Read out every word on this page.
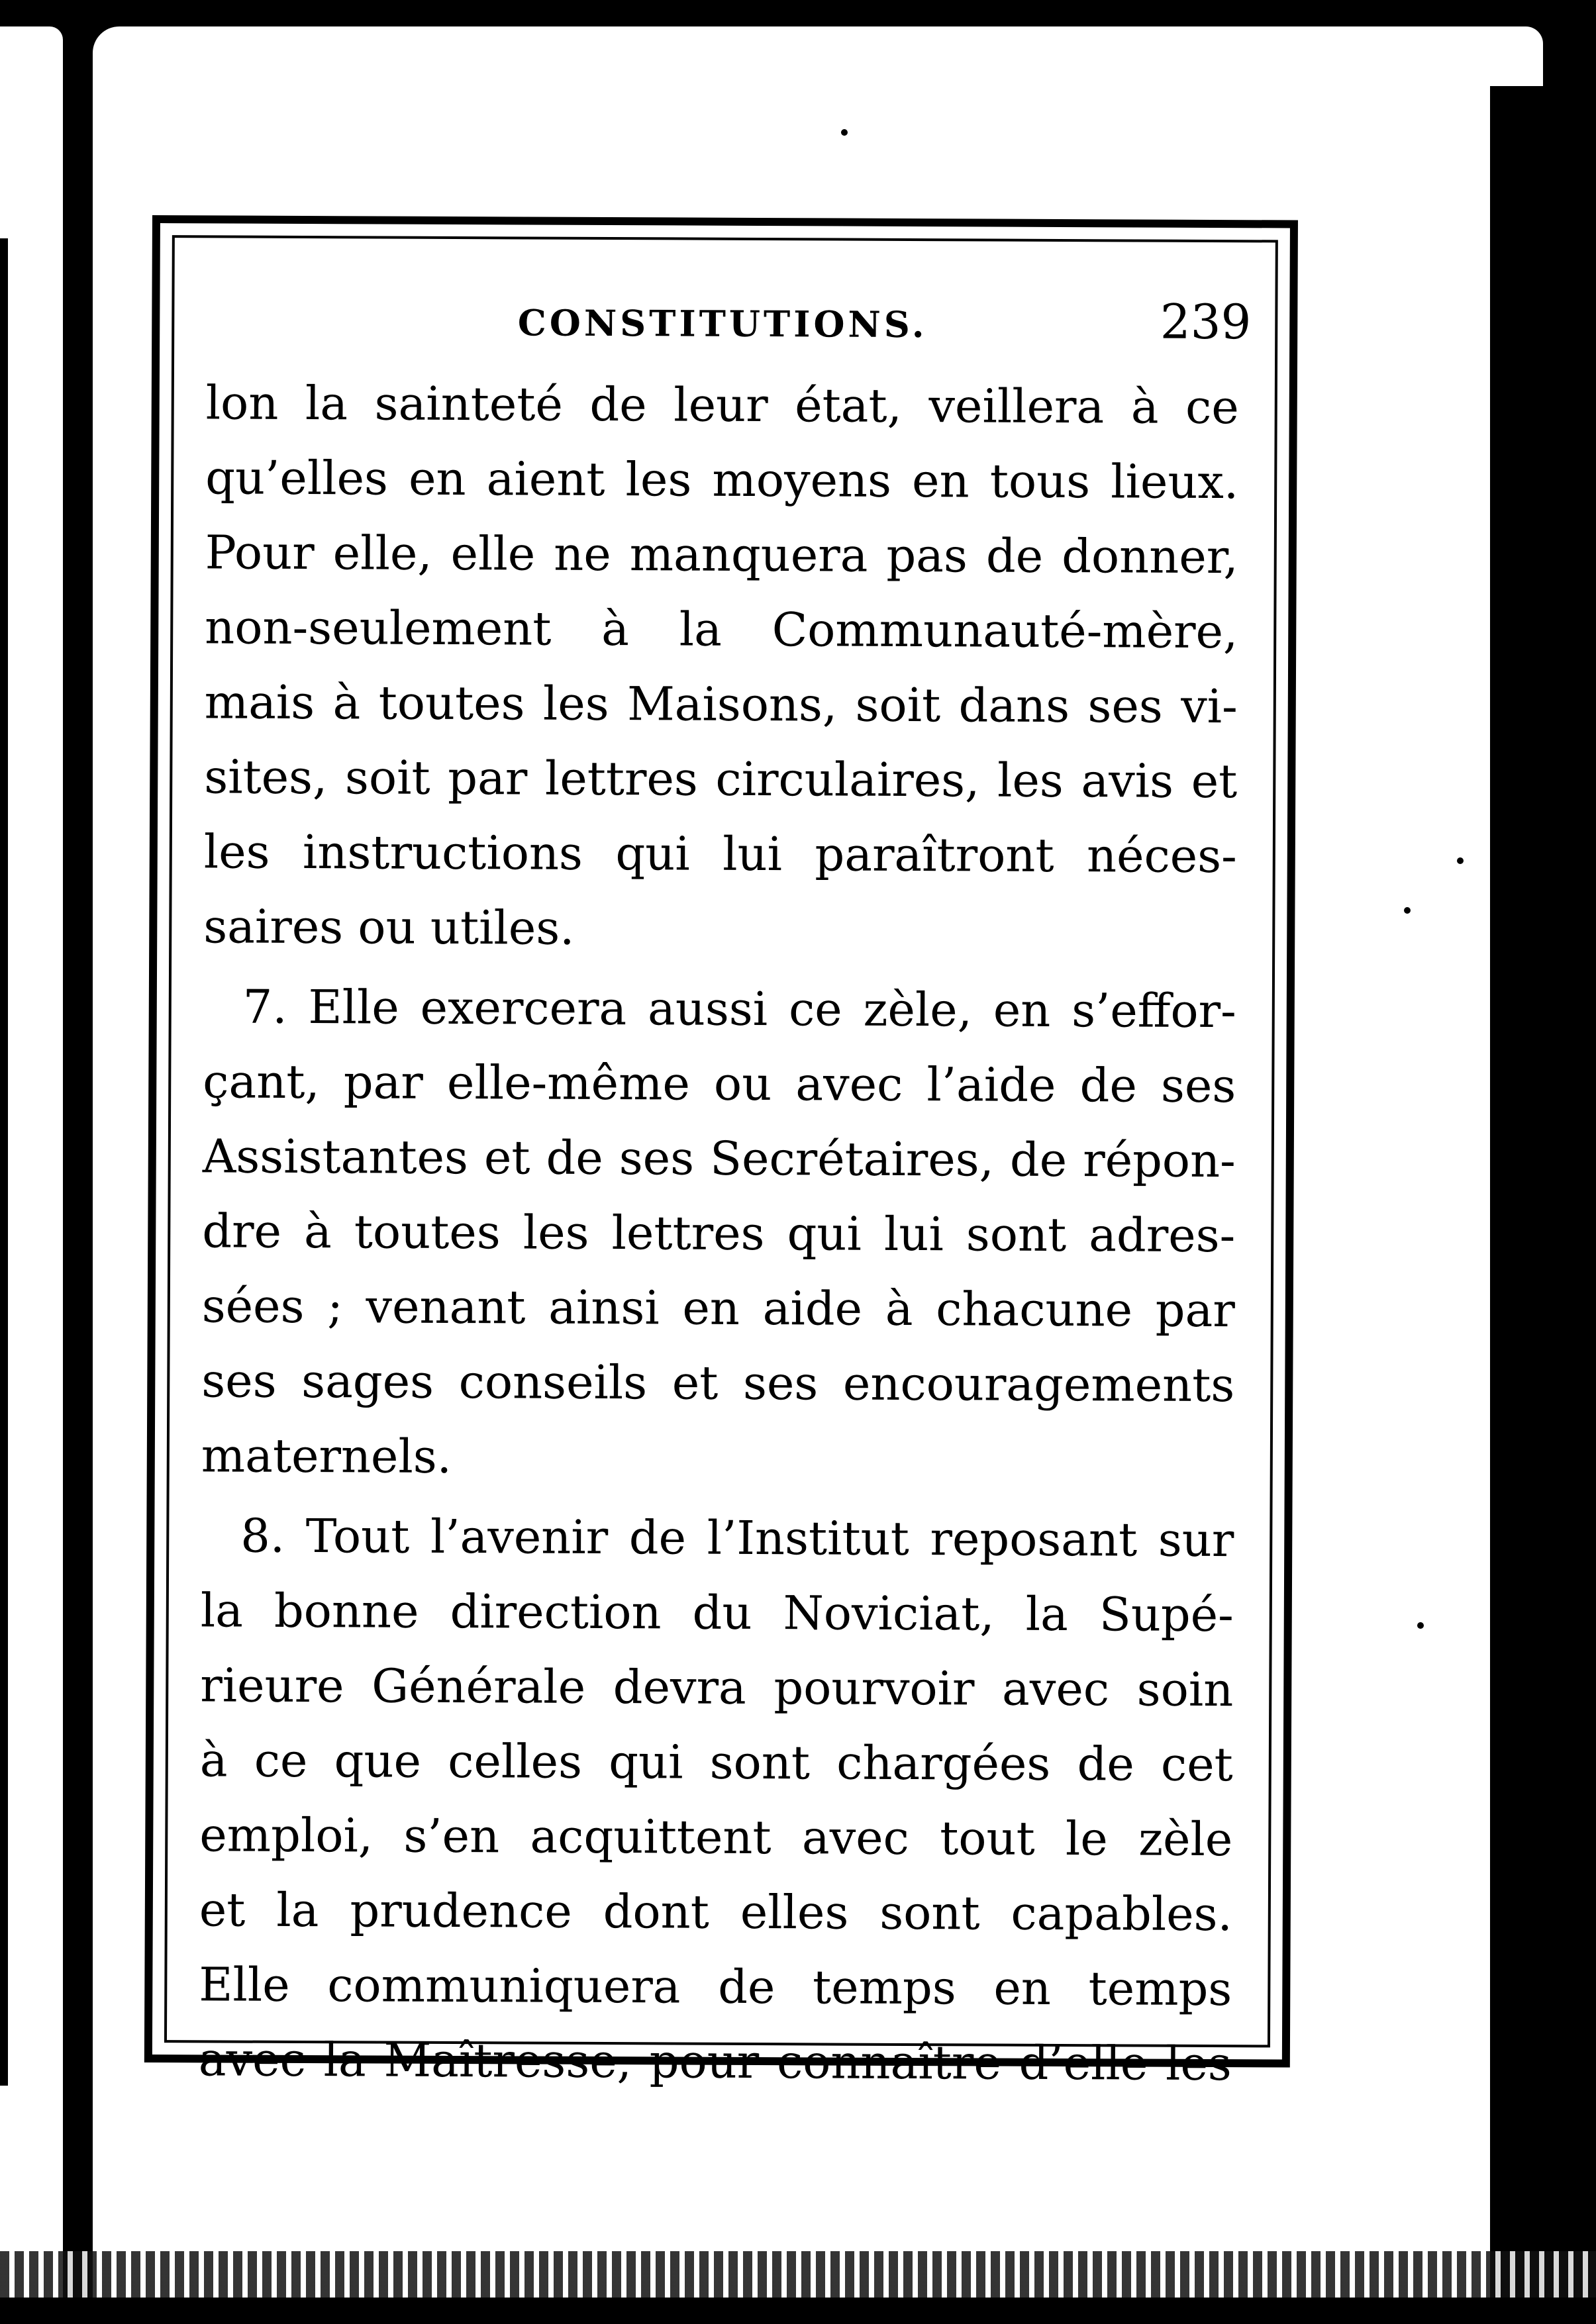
CONSTITUTIONS.	239
lon la sainteté de leur état, veillera à ce
qu’elles en aient les moyens en tous lieux.
Pour elle, elle ne manquera pas de donner,
non-seulement à la Communauté-mère,
mais à toutes les Maisons, soit dans ses vi-
sites, soit par lettres circulaires, les avis et
les instructions qui lui paraîtront néces-
saires ou utiles.
7. Elle exercera aussi ce zèle, en s’effor-
çant, par elle-même ou avec l’aide de ses
Assistantes et de ses Secrétaires, de répon-
dre à toutes les lettres qui lui sont adres-
sées ; venant ainsi en aide à chacune par
ses sages conseils et ses encouragements
maternels.
8. Tout l’avenir de l’Institut reposant sur
la bonne direction du Noviciat, la Supé-
rieure Générale devra pourvoir avec soin
à ce que celles qui sont chargées de cet
emploi, s’en acquittent avec tout le zèle
et la prudence dont elles sont capables.
Elle communiquera de temps en temps
avec la Maîtresse, pour connaître d’elle les
